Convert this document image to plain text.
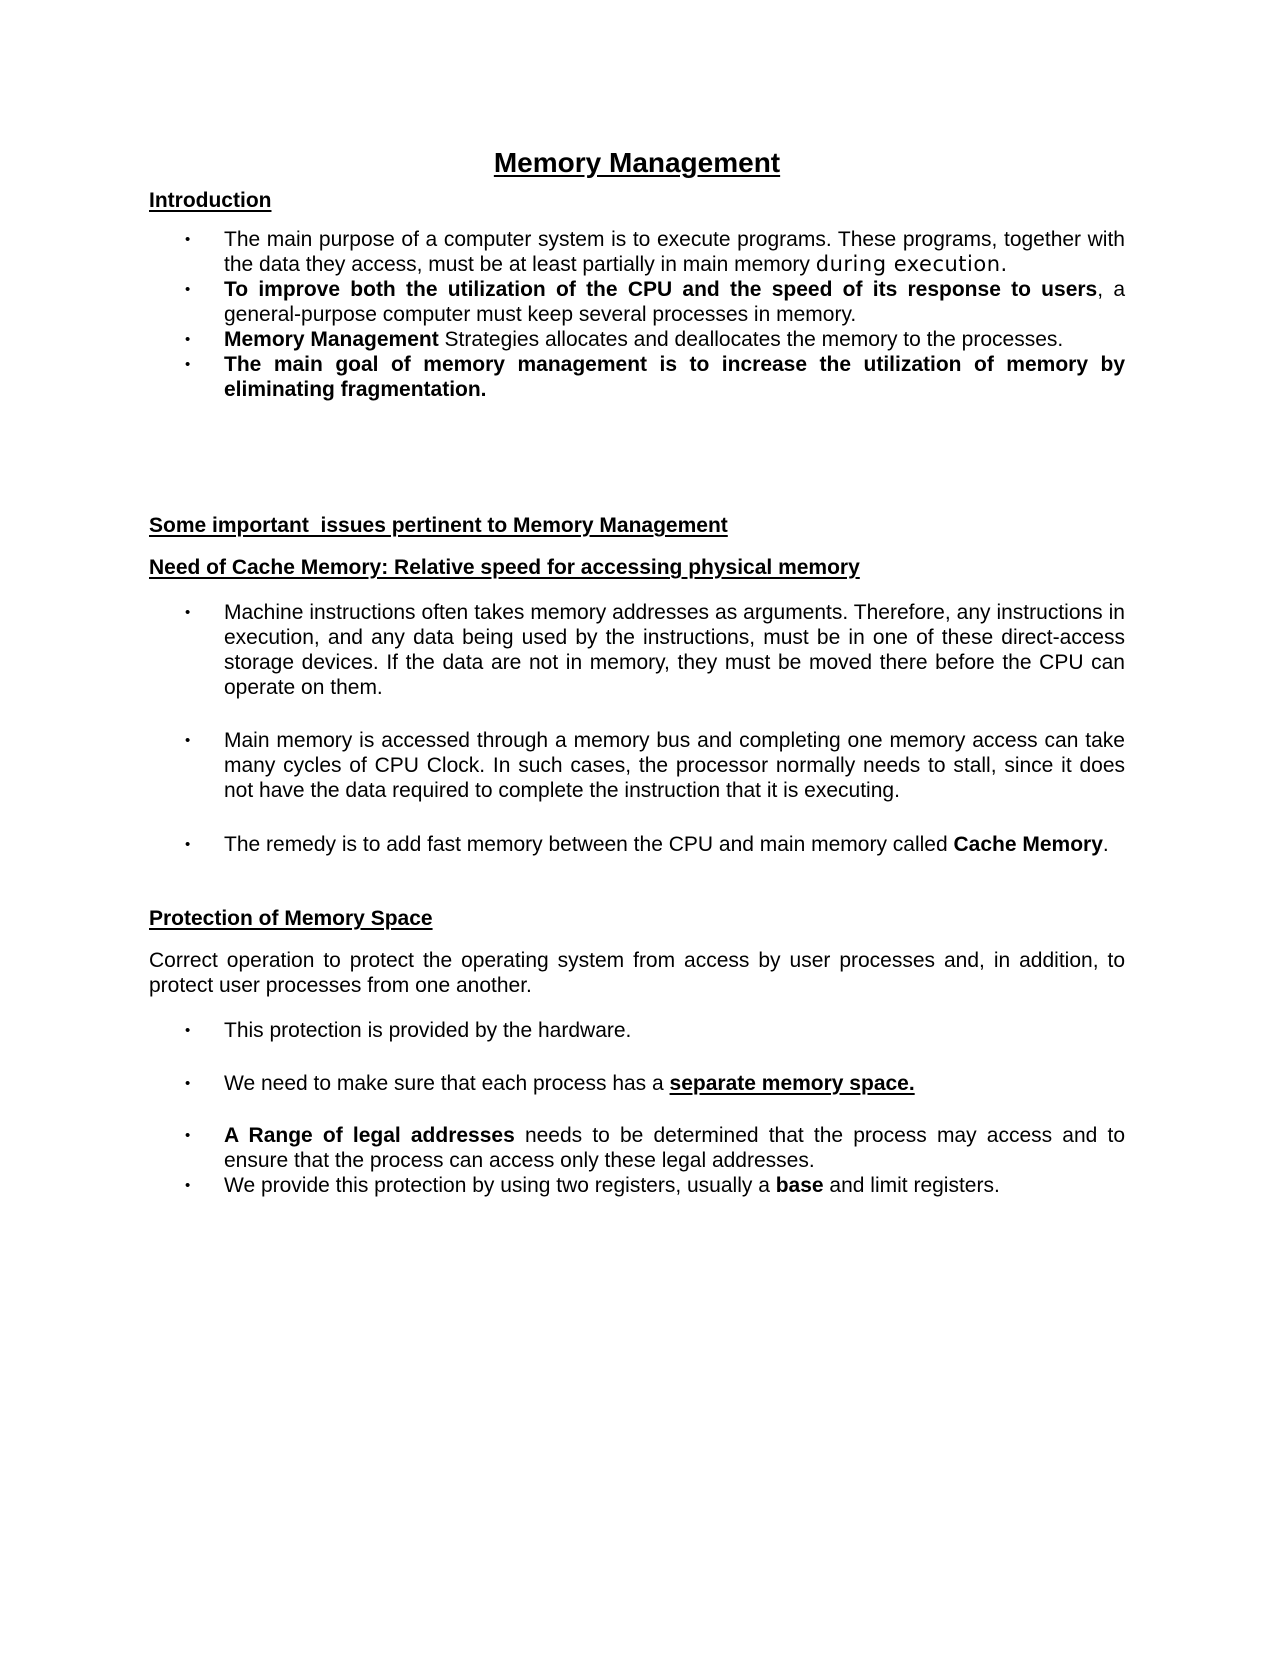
Memory Management
Introduction
• The main purpose of a computer system is to execute programs. These programs, together with the data they access, must be at least partially in main memory during execution.
• To improve both the utilization of the CPU and the speed of its response to users, a general-purpose computer must keep several processes in memory.
• Memory Management Strategies allocates and deallocates the memory to the processes.
• The main goal of memory management is to increase the utilization of memory by eliminating fragmentation.
Some important  issues pertinent to Memory Management
Need of Cache Memory: Relative speed for accessing physical memory
• Machine instructions often takes memory addresses as arguments. Therefore, any instructions in execution, and any data being used by the instructions, must be in one of these direct-access storage devices. If the data are not in memory, they must be moved there before the CPU can operate on them.
• Main memory is accessed through a memory bus and completing one memory access can take many cycles of CPU Clock. In such cases, the processor normally needs to stall, since it does not have the data required to complete the instruction that it is executing.
• The remedy is to add fast memory between the CPU and main memory called Cache Memory.
Protection of Memory Space
Correct operation to protect the operating system from access by user processes and, in addition, to protect user processes from one another.
• This protection is provided by the hardware.
• We need to make sure that each process has a separate memory space.
• A Range of legal addresses needs to be determined that the process may access and to ensure that the process can access only these legal addresses.
• We provide this protection by using two registers, usually a base and limit registers.
